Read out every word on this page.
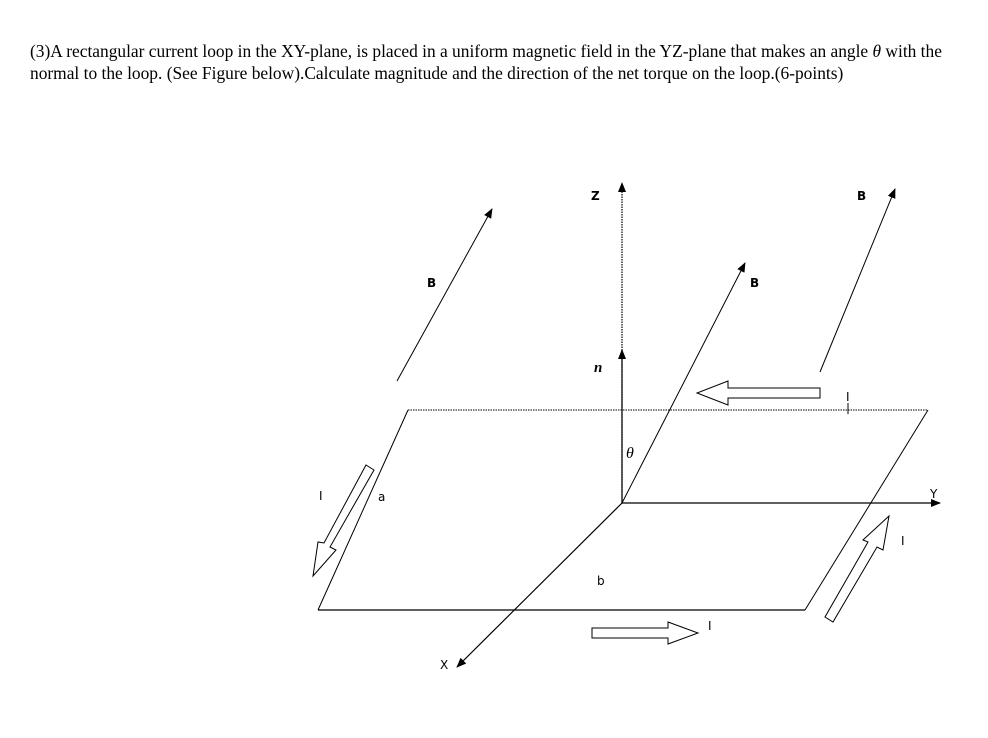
(3)A rectangular current loop in the XY-plane, is placed in a uniform magnetic field in the YZ-plane that makes an angle θ with the normal to the loop. (See Figure below).Calculate magnitude and the direction of the net torque on the loop.(6-points)

Z
Y
X
n
θ
B	B
B
I
I
I
a
b
I
